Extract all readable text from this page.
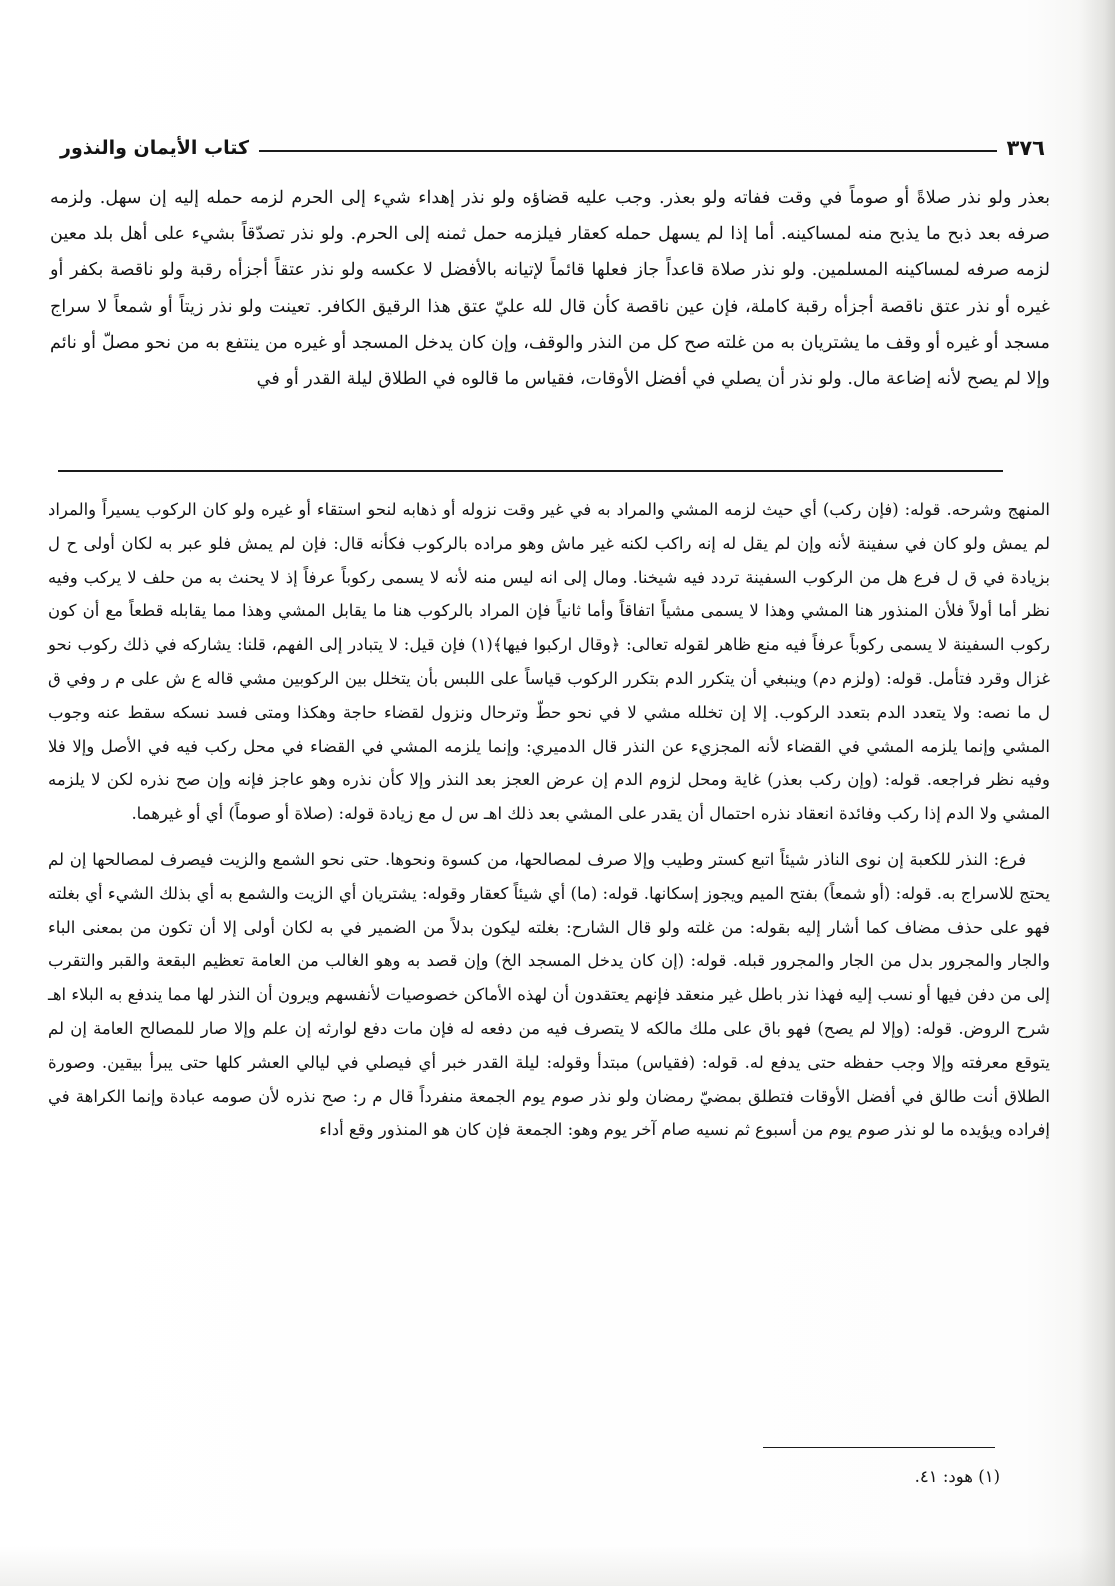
٣٧٦
كتاب الأيمان والنذور

بعذر ولو نذر صلاةً أو صوماً في وقت ففاته ولو بعذر. وجب عليه قضاؤه ولو نذر إهداء شيء إلى الحرم لزمه حمله إليه إن سهل. ولزمه صرفه بعد ذبح ما يذبح منه لمساكينه. أما إذا لم يسهل حمله كعقار فيلزمه حمل ثمنه إلى الحرم. ولو نذر تصدّقاً بشيء على أهل بلد معين لزمه صرفه لمساكينه المسلمين. ولو نذر صلاة قاعداً جاز فعلها قائماً لإتيانه بالأفضل لا عكسه ولو نذر عتقاً أجزأه رقبة ولو ناقصة بكفر أو غيره أو نذر عتق ناقصة أجزأه رقبة كاملة، فإن عين ناقصة كأن قال لله عليّ عتق هذا الرقيق الكافر. تعينت ولو نذر زيتاً أو شمعاً لا سراج مسجد أو غيره أو وقف ما يشتريان به من غلته صح كل من النذر والوقف، وإن كان يدخل المسجد أو غيره من ينتفع به من نحو مصلّ أو نائم وإلا لم يصح لأنه إضاعة مال. ولو نذر أن يصلي في أفضل الأوقات، فقياس ما قالوه في الطلاق ليلة القدر أو في

المنهج وشرحه. قوله: (فإن ركب) أي حيث لزمه المشي والمراد به في غير وقت نزوله أو ذهابه لنحو استقاء أو غيره ولو كان الركوب يسيراً والمراد لم يمش ولو كان في سفينة لأنه وإن لم يقل له إنه راكب لكنه غير ماش وهو مراده بالركوب فكأنه قال: فإن لم يمش فلو عبر به لكان أولى ح ل بزيادة في ق ل فرع هل من الركوب السفينة تردد فيه شيخنا. ومال إلى انه ليس منه لأنه لا يسمى ركوباً عرفاً إذ لا يحنث به من حلف لا يركب وفيه نظر أما أولاً فلأن المنذور هنا المشي وهذا لا يسمى مشياً اتفاقاً وأما ثانياً فإن المراد بالركوب هنا ما يقابل المشي وهذا مما يقابله قطعاً مع أن كون ركوب السفينة لا يسمى ركوباً عرفاً فيه منع ظاهر لقوله تعالى: ﴿وقال اركبوا فيها﴾(١) فإن قيل: لا يتبادر إلى الفهم، قلنا: يشاركه في ذلك ركوب نحو غزال وقرد فتأمل. قوله: (ولزم دم) وينبغي أن يتكرر الدم بتكرر الركوب قياساً على اللبس بأن يتخلل بين الركوبين مشي قاله ع ش على م ر وفي ق ل ما نصه: ولا يتعدد الدم بتعدد الركوب. إلا إن تخلله مشي لا في نحو حطّ وترحال ونزول لقضاء حاجة وهكذا ومتى فسد نسكه سقط عنه وجوب المشي وإنما يلزمه المشي في القضاء لأنه المجزيء عن النذر قال الدميري: وإنما يلزمه المشي في القضاء في محل ركب فيه في الأصل وإلا فلا وفيه نظر فراجعه. قوله: (وإن ركب بعذر) غاية ومحل لزوم الدم إن عرض العجز بعد النذر وإلا كأن نذره وهو عاجز فإنه وإن صح نذره لكن لا يلزمه المشي ولا الدم إذا ركب وفائدة انعقاد نذره احتمال أن يقدر على المشي بعد ذلك اهـ س ل مع زيادة قوله: (صلاة أو صوماً) أي أو غيرهما.

فرع: النذر للكعبة إن نوى الناذر شيئاً اتبع كستر وطيب وإلا صرف لمصالحها، من كسوة ونحوها. حتى نحو الشمع والزيت فيصرف لمصالحها إن لم يحتج للاسراج به. قوله: (أو شمعاً) بفتح الميم ويجوز إسكانها. قوله: (ما) أي شيئاً كعقار وقوله: يشتريان أي الزيت والشمع به أي بذلك الشيء أي بغلته فهو على حذف مضاف كما أشار إليه بقوله: من غلته ولو قال الشارح: بغلته ليكون بدلاً من الضمير في به لكان أولى إلا أن تكون من بمعنى الباء والجار والمجرور بدل من الجار والمجرور قبله. قوله: (إن كان يدخل المسجد الخ) وإن قصد به وهو الغالب من العامة تعظيم البقعة والقبر والتقرب إلى من دفن فيها أو نسب إليه فهذا نذر باطل غير منعقد فإنهم يعتقدون أن لهذه الأماكن خصوصيات لأنفسهم ويرون أن النذر لها مما يندفع به البلاء اهـ شرح الروض. قوله: (وإلا لم يصح) فهو باق على ملك مالكه لا يتصرف فيه من دفعه له فإن مات دفع لوارثه إن علم وإلا صار للمصالح العامة إن لم يتوقع معرفته وإلا وجب حفظه حتى يدفع له. قوله: (فقياس) مبتدأ وقوله: ليلة القدر خبر أي فيصلي في ليالي العشر كلها حتى يبرأ بيقين. وصورة الطلاق أنت طالق في أفضل الأوقات فتطلق بمضيّ رمضان ولو نذر صوم يوم الجمعة منفرداً قال م ر: صح نذره لأن صومه عبادة وإنما الكراهة في إفراده ويؤيده ما لو نذر صوم يوم من أسبوع ثم نسيه صام آخر يوم وهو: الجمعة فإن كان هو المنذور وقع أداء

(١) هود: ٤١.
